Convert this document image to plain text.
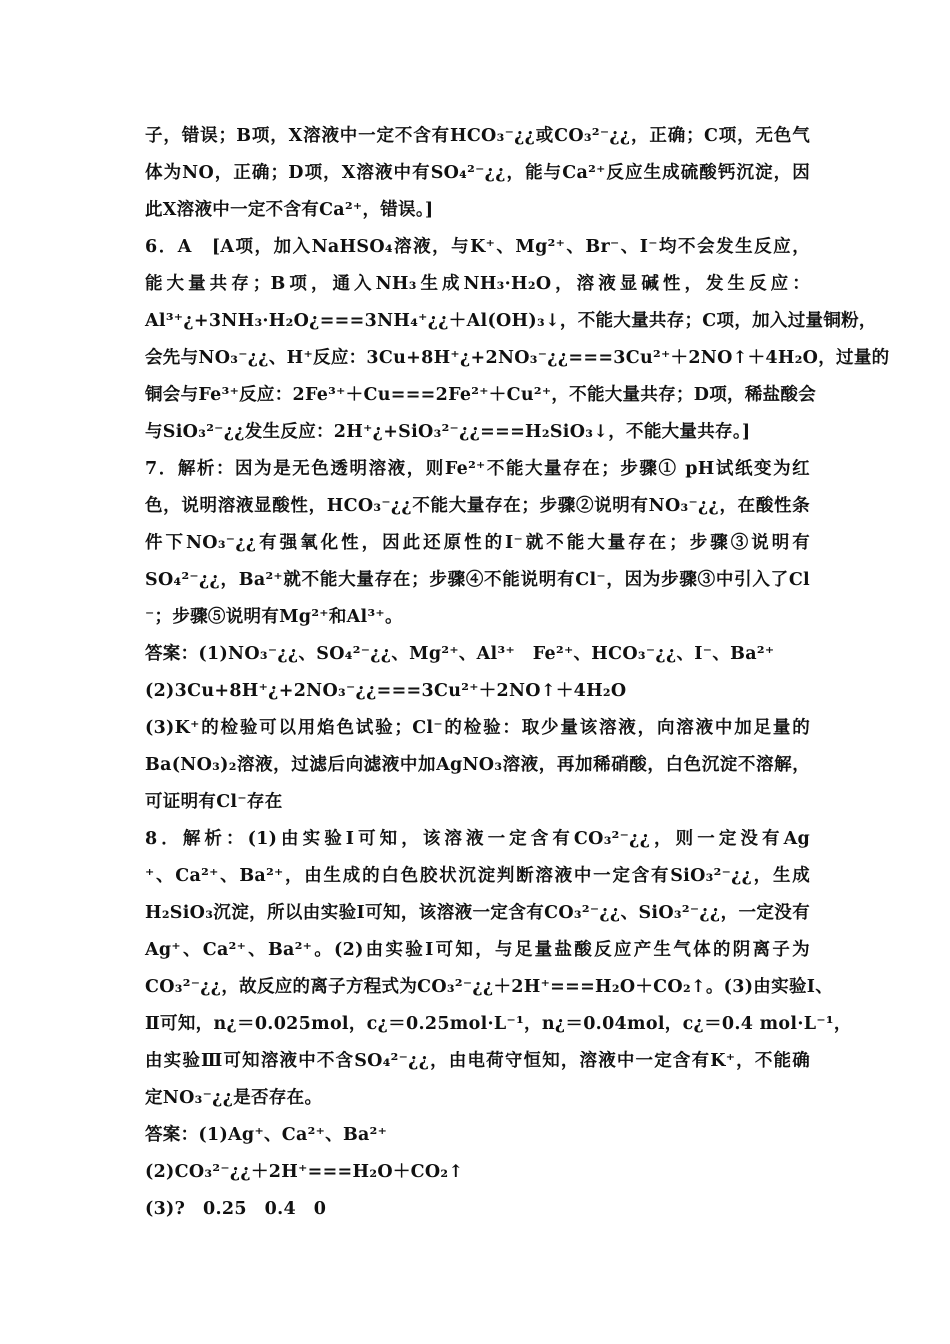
子，错误；B项，X溶液中一定不含有HCO₃⁻¿¿或CO₃²⁻¿¿，正确；C项，无色气
体为NO，正确；D项，X溶液中有SO₄²⁻¿¿，能与Ca²⁺反应生成硫酸钙沉淀，因
此X溶液中一定不含有Ca²⁺，错误。]
6．A　[A项，加入NaHSO₄溶液，与K⁺、Mg²⁺、Br⁻、I⁻均不会发生反应，
能大量共存；B项，通入NH₃生成NH₃·H₂O，溶液显碱性，发生反应：
Al³⁺¿+3NH₃·H₂O¿===3NH₄⁺¿¿＋Al(OH)₃↓，不能大量共存；C项，加入过量铜粉，
会先与NO₃⁻¿¿、H⁺反应：3Cu+8H⁺¿+2NO₃⁻¿¿===3Cu²⁺＋2NO↑＋4H₂O，过量的
铜会与Fe³⁺反应：2Fe³⁺＋Cu===2Fe²⁺＋Cu²⁺，不能大量共存；D项，稀盐酸会
与SiO₃²⁻¿¿发生反应：2H⁺¿+SiO₃²⁻¿¿===H₂SiO₃↓，不能大量共存。]
7．解析：因为是无色透明溶液，则Fe²⁺不能大量存在；步骤① pH试纸变为红
色，说明溶液显酸性，HCO₃⁻¿¿不能大量存在；步骤②说明有NO₃⁻¿¿，在酸性条
件下NO₃⁻¿¿有强氧化性，因此还原性的I⁻就不能大量存在；步骤③说明有
SO₄²⁻¿¿，Ba²⁺就不能大量存在；步骤④不能说明有Cl⁻，因为步骤③中引入了Cl
⁻；步骤⑤说明有Mg²⁺和Al³⁺。
答案：(1)NO₃⁻¿¿、SO₄²⁻¿¿、Mg²⁺、Al³⁺　Fe²⁺、HCO₃⁻¿¿、I⁻、Ba²⁺
(2)3Cu+8H⁺¿+2NO₃⁻¿¿===3Cu²⁺＋2NO↑＋4H₂O
(3)K⁺的检验可以用焰色试验；Cl⁻的检验：取少量该溶液，向溶液中加足量的
Ba(NO₃)₂溶液，过滤后向滤液中加AgNO₃溶液，再加稀硝酸，白色沉淀不溶解，
可证明有Cl⁻存在
8．解析：(1)由实验Ⅰ可知，该溶液一定含有CO₃²⁻¿¿，则一定没有Ag
⁺、Ca²⁺、Ba²⁺，由生成的白色胶状沉淀判断溶液中一定含有SiO₃²⁻¿¿，生成
H₂SiO₃沉淀，所以由实验Ⅰ可知，该溶液一定含有CO₃²⁻¿¿、SiO₃²⁻¿¿，一定没有
Ag⁺、Ca²⁺、Ba²⁺。(2)由实验Ⅰ可知，与足量盐酸反应产生气体的阴离子为
CO₃²⁻¿¿，故反应的离子方程式为CO₃²⁻¿¿＋2H⁺===H₂O＋CO₂↑。(3)由实验Ⅰ、
Ⅱ可知，n¿＝0.025mol，c¿＝0.25mol·L⁻¹，n¿＝0.04mol，c¿＝0.4 mol·L⁻¹，
由实验Ⅲ可知溶液中不含SO₄²⁻¿¿，由电荷守恒知，溶液中一定含有K⁺，不能确
定NO₃⁻¿¿是否存在。
答案：(1)Ag⁺、Ca²⁺、Ba²⁺
(2)CO₃²⁻¿¿＋2H⁺===H₂O＋CO₂↑
(3)?　0.25　0.4　0
